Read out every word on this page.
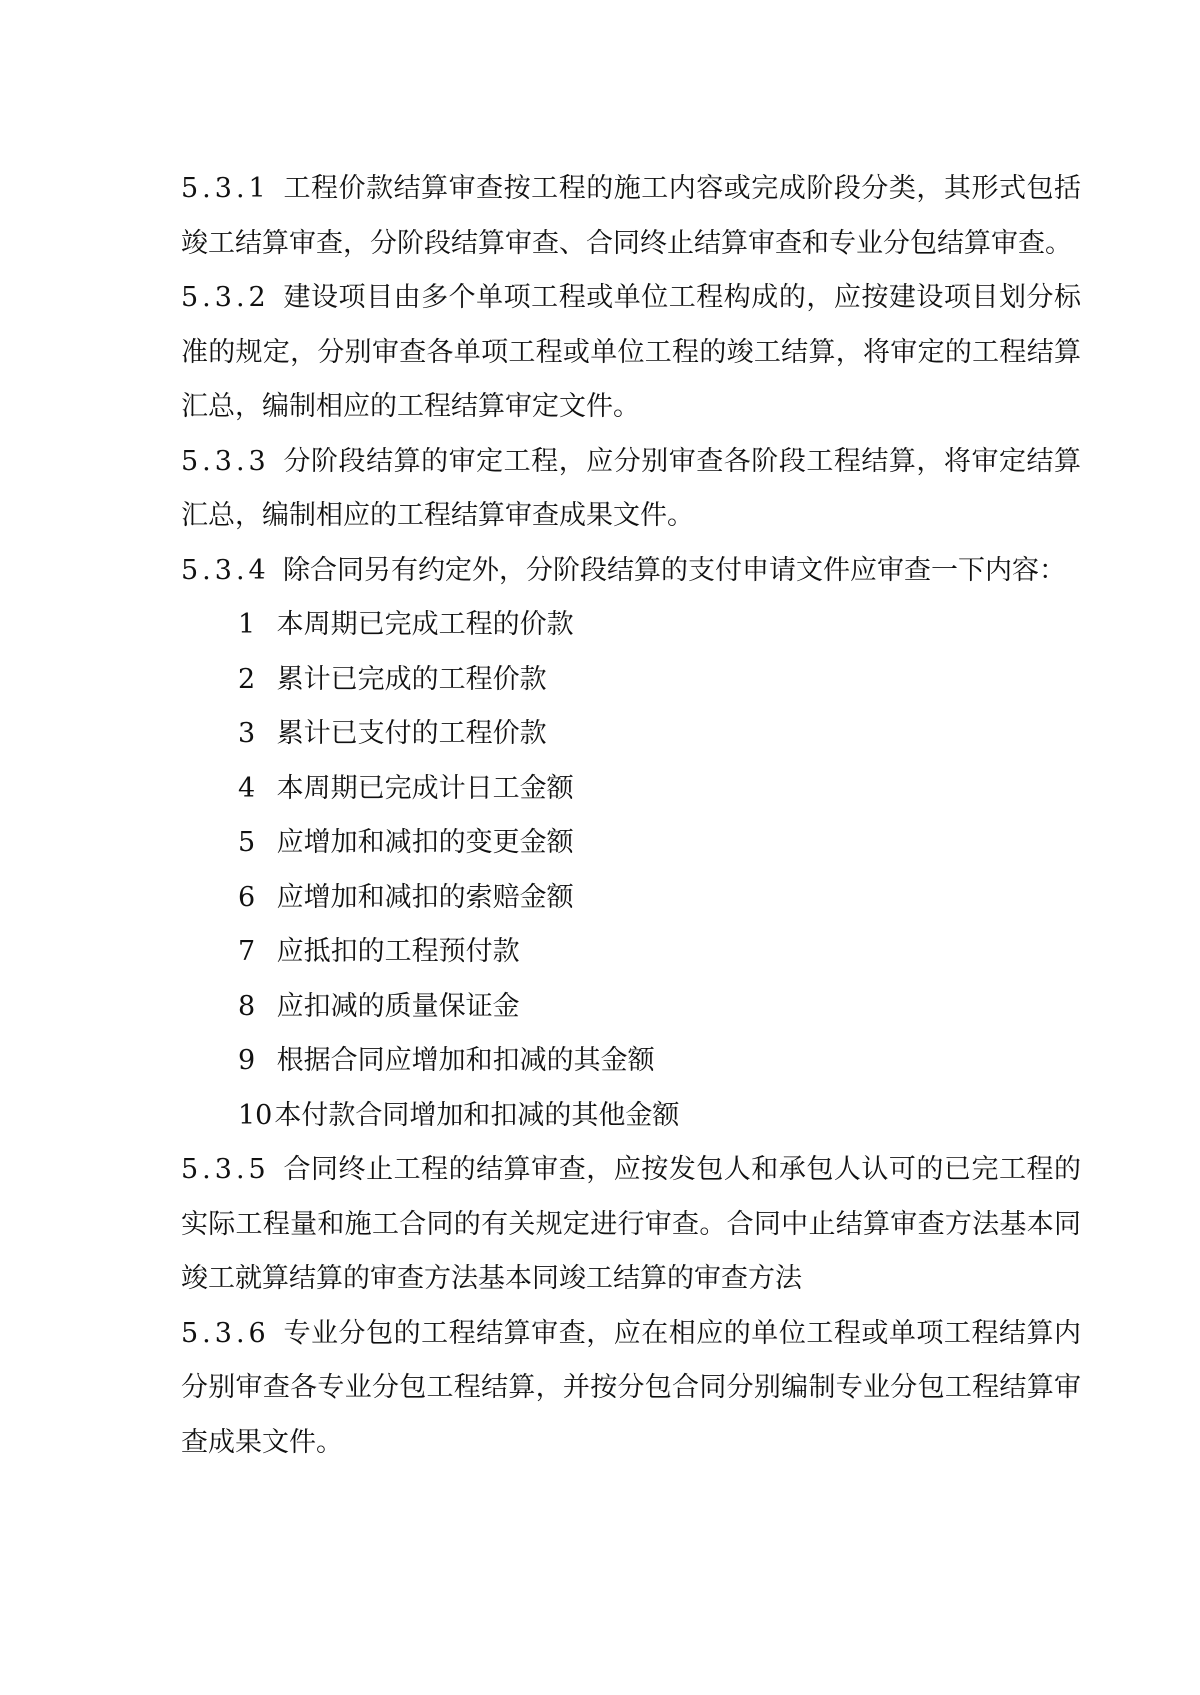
5.3.1 工程价款结算审查按工程的施工内容或完成阶段分类，其形式包括竣工结算审查，分阶段结算审查、合同终止结算审查和专业分包结算审查。

5.3.2 建设项目由多个单项工程或单位工程构成的，应按建设项目划分标准的规定，分别审查各单项工程或单位工程的竣工结算，将审定的工程结算汇总，编制相应的工程结算审定文件。

5.3.3 分阶段结算的审定工程，应分别审查各阶段工程结算，将审定结算汇总，编制相应的工程结算审查成果文件。

5.3.4 除合同另有约定外，分阶段结算的支付申请文件应审查一下内容：

1 本周期已完成工程的价款
2 累计已完成的工程价款
3 累计已支付的工程价款
4 本周期已完成计日工金额
5 应增加和减扣的变更金额
6 应增加和减扣的索赔金额
7 应抵扣的工程预付款
8 应扣减的质量保证金
9 根据合同应增加和扣减的其金额
10本付款合同增加和扣减的其他金额

5.3.5 合同终止工程的结算审查，应按发包人和承包人认可的已完工程的实际工程量和施工合同的有关规定进行审查。合同中止结算审查方法基本同竣工就算结算的审查方法基本同竣工结算的审查方法

5.3.6 专业分包的工程结算审查，应在相应的单位工程或单项工程结算内分别审查各专业分包工程结算，并按分包合同分别编制专业分包工程结算审查成果文件。
